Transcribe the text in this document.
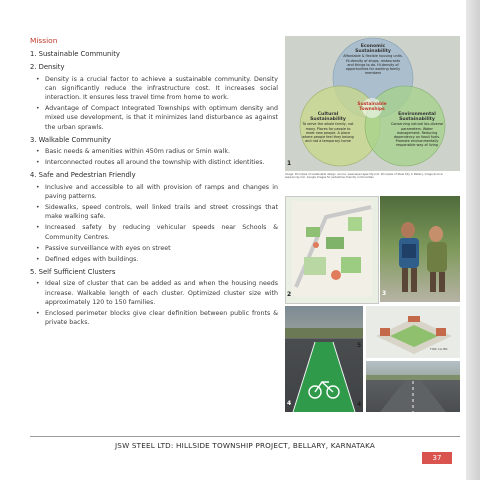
Mission
1. Sustainable Community
2. Density
• Density is a crucial factor to achieve a sustainable community. Density can significantly reduce the infrastructure cost. It increases social interaction. It ensures less travel time from home to work.
• Advantage of Compact Integrated Townships with optimum density and mixed use development, is that it minimizes land disturbance as against the urban sprawls.
3. Walkable Community
• Basic needs & amenities within 450m radius or 5min walk.
• Interconnected routes all around the township with distinct identities.
4. Safe and Pedestrian Friendly
• Inclusive and accessible to all with provision of ramps and changes in paving patterns.
• Sidewalks, speed controls, well linked trails and street crossings that make walking safe.
• Increased safety by reducing vehicular speeds near Schools & Community Centres.
• Passive surveillance with eyes on street
• Defined edges with buildings.
5. Self Sufficient Clusters
• Ideal size of cluster that can be added as and when the housing needs increase. Walkable length of each cluster. Optimized cluster size with approximately 120 to 150 families.
• Enclosed perimeter blocks give clear definition between public fronts & private backs.
Economic Sustainability
Affordable & flexible housing units. Hi-density of shops, restaurants and things to do. Hi-density of opportunities for working family members
Cultural Sustainability
To serve the whole family, not many. Places for people to meet new people. A place where people feel they belong and not a temporary home
Environmental Sustainability
Conserving natural bio-diverse parameters. Water management. Reducing dependency on fossil fuels. Promote environmentally responsible way of living
Sustainable Townships
1
Image: Principles of sustainable design, source: www.skyscrapercity.com. Principles of Steel City in Bellary, image Source: www.lundy.com, Google images for pedestrian-friendly communities
2	3
4
5	FINK CLUBS
4
JSW STEEL LTD: HILLSIDE TOWNSHIP PROJECT, BELLARY, KARNATAKA
37
